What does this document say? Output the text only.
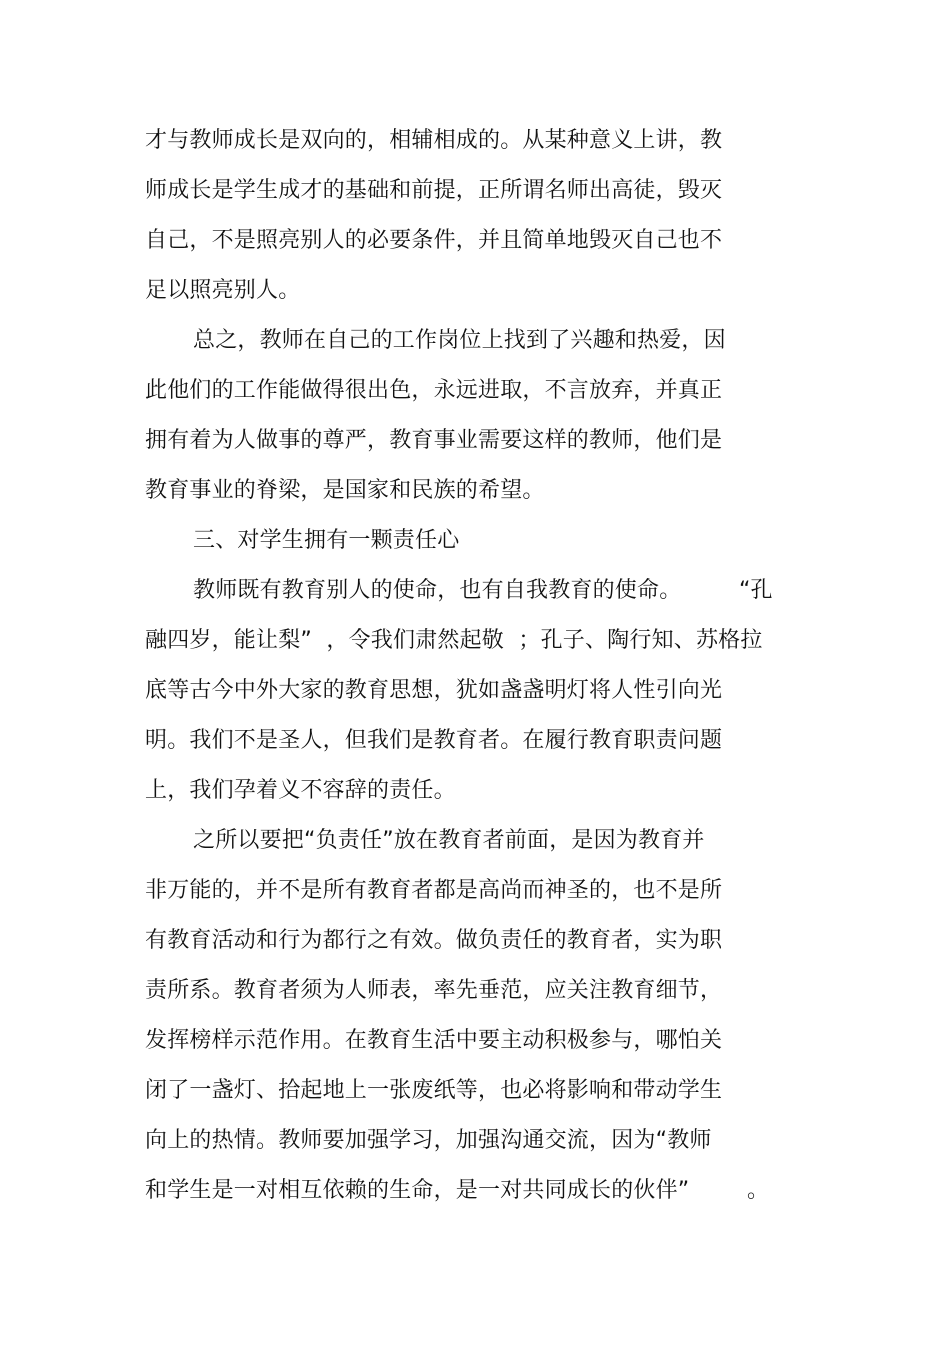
才与教师成长是双向的，相辅相成的。从某种意义上讲，教
师成长是学生成才的基础和前提，正所谓名师出高徒，毁灭
自己，不是照亮别人的必要条件，并且简单地毁灭自己也不
足以照亮别人。
总之，教师在自己的工作岗位上找到了兴趣和热爱，因
此他们的工作能做得很出色，永远进取，不言放弃，并真正
拥有着为人做事的尊严，教育事业需要这样的教师，他们是
教育事业的脊梁，是国家和民族的希望。
三、对学生拥有一颗责任心
教师既有教育别人的使命，也有自我教育的使命。        “孔
融四岁，能让梨”  ，令我们肃然起敬  ；孔子、陶行知、苏格拉
底等古今中外大家的教育思想，犹如盏盏明灯将人性引向光
明。我们不是圣人，但我们是教育者。在履行教育职责问题
上，我们孕着义不容辞的责任。
之所以要把“负责任”放在教育者前面，是因为教育并
非万能的，并不是所有教育者都是高尚而神圣的，也不是所
有教育活动和行为都行之有效。做负责任的教育者，实为职
责所系。教育者须为人师表，率先垂范，应关注教育细节，
发挥榜样示范作用。在教育生活中要主动积极参与，哪怕关
闭了一盏灯、拾起地上一张废纸等，也必将影响和带动学生
向上的热情。教师要加强学习，加强沟通交流，因为“教师
和学生是一对相互依赖的生命，是一对共同成长的伙伴”        。
